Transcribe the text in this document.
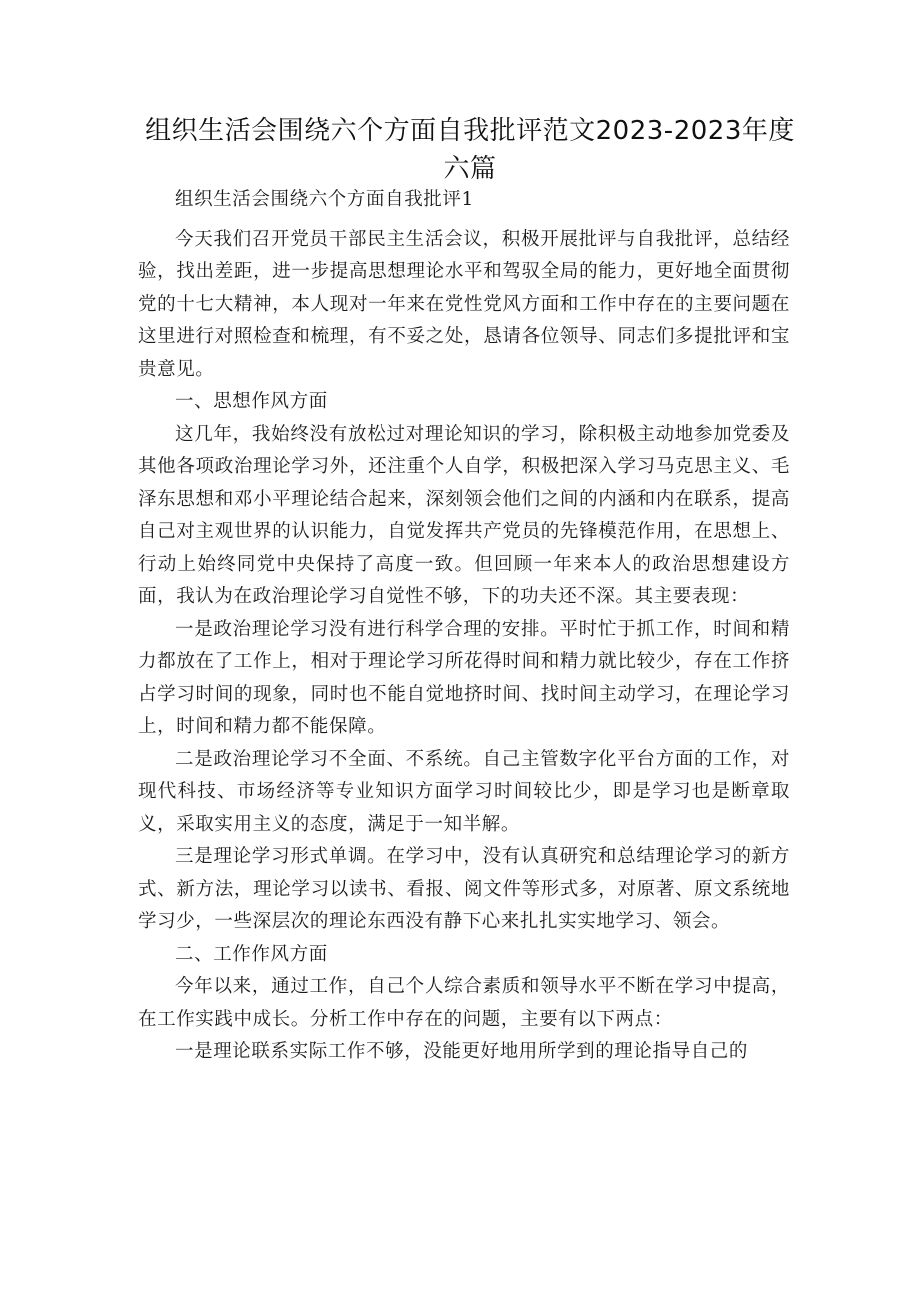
组织生活会围绕六个方面自我批评范文2023-2023年度六篇

组织生活会围绕六个方面自我批评1

今天我们召开党员干部民主生活会议，积极开展批评与自我批评，总结经验，找出差距，进一步提高思想理论水平和驾驭全局的能力，更好地全面贯彻党的十七大精神，本人现对一年来在党性党风方面和工作中存在的主要问题在这里进行对照检查和梳理，有不妥之处，恳请各位领导、同志们多提批评和宝贵意见。

一、思想作风方面

这几年，我始终没有放松过对理论知识的学习，除积极主动地参加党委及其他各项政治理论学习外，还注重个人自学，积极把深入学习马克思主义、毛泽东思想和邓小平理论结合起来，深刻领会他们之间的内涵和内在联系，提高自己对主观世界的认识能力，自觉发挥共产党员的先锋模范作用，在思想上、行动上始终同党中央保持了高度一致。但回顾一年来本人的政治思想建设方面，我认为在政治理论学习自觉性不够，下的功夫还不深。其主要表现：

一是政治理论学习没有进行科学合理的安排。平时忙于抓工作，时间和精力都放在了工作上，相对于理论学习所花得时间和精力就比较少，存在工作挤占学习时间的现象，同时也不能自觉地挤时间、找时间主动学习，在理论学习上，时间和精力都不能保障。

二是政治理论学习不全面、不系统。自己主管数字化平台方面的工作，对现代科技、市场经济等专业知识方面学习时间较比少，即是学习也是断章取义，采取实用主义的态度，满足于一知半解。

三是理论学习形式单调。在学习中，没有认真研究和总结理论学习的新方式、新方法，理论学习以读书、看报、阅文件等形式多，对原著、原文系统地学习少，一些深层次的理论东西没有静下心来扎扎实实地学习、领会。

二、工作作风方面

今年以来，通过工作，自己个人综合素质和领导水平不断在学习中提高，在工作实践中成长。分析工作中存在的问题，主要有以下两点：

一是理论联系实际工作不够，没能更好地用所学到的理论指导自己的
